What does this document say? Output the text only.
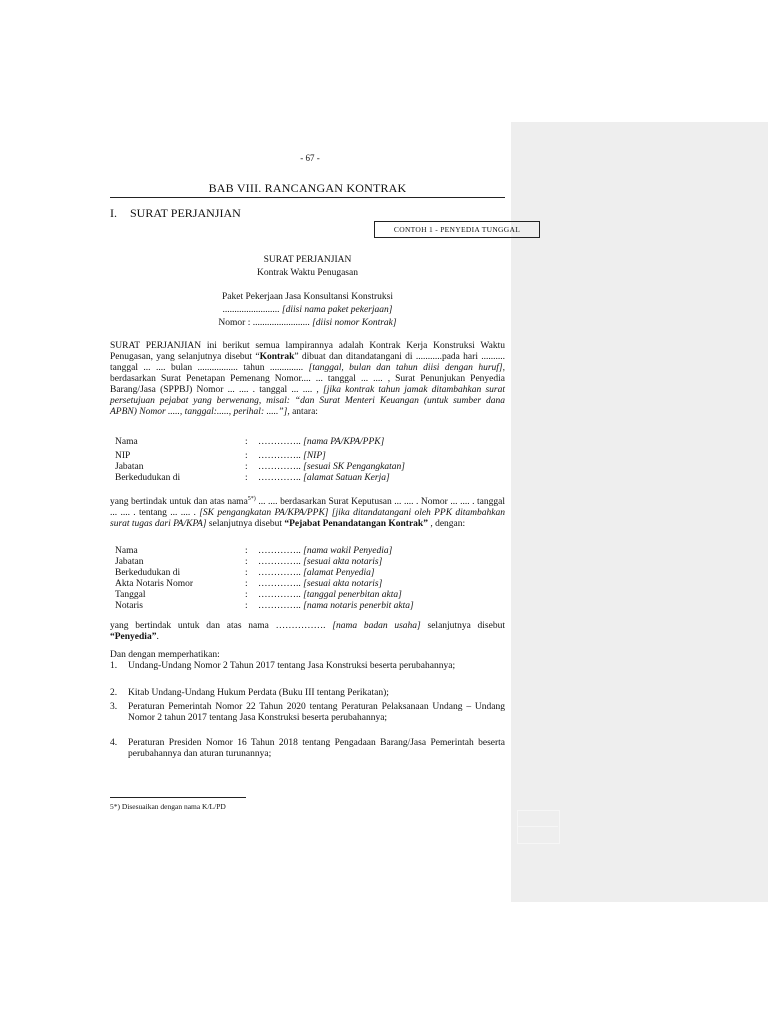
- 67 -
BAB VIII. RANCANGAN KONTRAK
I. SURAT PERJANJIAN
CONTOH 1 - PENYEDIA TUNGGAL
SURAT PERJANJIAN
Kontrak Waktu Penugasan
Paket Pekerjaan Jasa Konsultansi Konstruksi
........................ [diisi nama paket pekerjaan]
Nomor : ........................ [diisi nomor Kontrak]
SURAT PERJANJIAN ini berikut semua lampirannya adalah Kontrak Kerja Konstruksi Waktu Penugasan, yang selanjutnya disebut “Kontrak” dibuat dan ditandatangani di ...........pada hari .......... tanggal ... .... bulan ................. tahun .............. [tanggal, bulan dan tahun diisi dengan huruf], berdasarkan Surat Penetapan Pemenang Nomor.... ... tanggal ... .... , Surat Penunjukan Penyedia Barang/Jasa (SPPBJ) Nomor ... .... . tanggal ... .... , [jika kontrak tahun jamak ditambahkan surat persetujuan pejabat yang berwenang, misal: “dan Surat Menteri Keuangan (untuk sumber dana APBN) Nomor ....., tanggal:....., perihal: .....”], antara:
Nama	: ………….. [nama PA/KPA/PPK]
NIP	: ………….. [NIP]
Jabatan	: ………….. [sesuai SK Pengangkatan]
Berkedudukan di	: ………….. [alamat Satuan Kerja]
yang bertindak untuk dan atas nama$^{5*)}$ ... .... berdasarkan Surat Keputusan ... .... . Nomor ... .... . tanggal ... .... . tentang ... .... . [SK pengangkatan PA/KPA/PPK] [jika ditandatangani oleh PPK ditambahkan surat tugas dari PA/KPA] selanjutnya disebut “Pejabat Penandatangan Kontrak” , dengan:
Nama	: ………….. [nama wakil Penyedia]
Jabatan	: ………….. [sesuai akta notaris]
Berkedudukan di	: ………….. [alamat Penyedia]
Akta Notaris Nomor	: ………….. [sesuai akta notaris]
Tanggal	: ………….. [tanggal penerbitan akta]
Notaris	: ………….. [nama notaris penerbit akta]
yang bertindak untuk dan atas nama ……………. [nama badan usaha] selanjutnya disebut “Penyedia”.
Dan dengan memperhatikan:
1. Undang-Undang Nomor 2 Tahun 2017 tentang Jasa Konstruksi beserta perubahannya;
2. Kitab Undang-Undang Hukum Perdata (Buku III tentang Perikatan);
3. Peraturan Pemerintah Nomor 22 Tahun 2020 tentang Peraturan Pelaksanaan Undang – Undang Nomor 2 tahun 2017 tentang Jasa Konstruksi beserta perubahannya;
4. Peraturan Presiden Nomor 16 Tahun 2018 tentang Pengadaan Barang/Jasa Pemerintah beserta perubahannya dan aturan turunannya;
5*) Disesuaikan dengan nama K/L/PD
